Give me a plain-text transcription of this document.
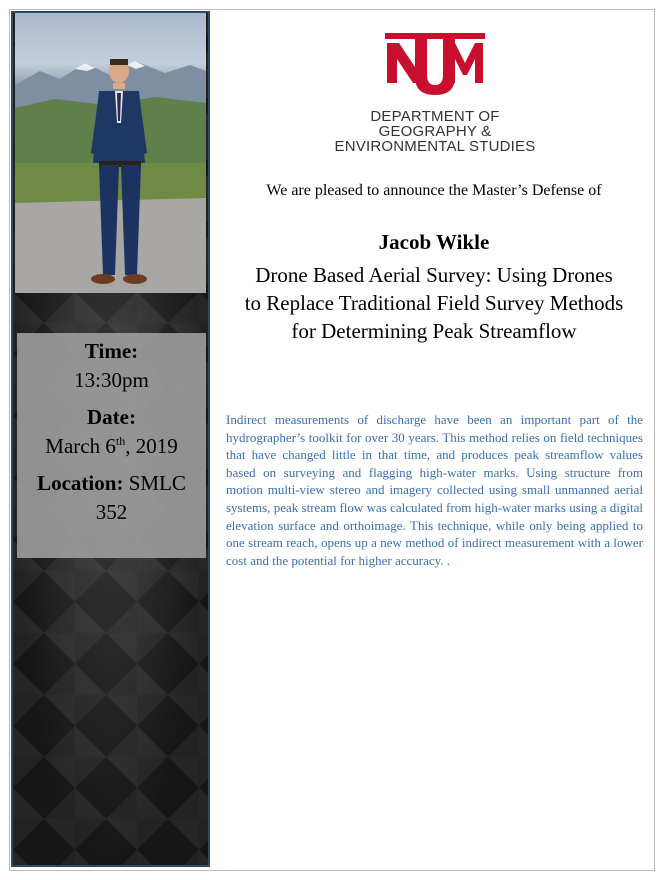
Time:
13:30pm
Date:
March 6th, 2019
Location: SMLC
352
DEPARTMENT OF
GEOGRAPHY &
ENVIRONMENTAL STUDIES
We are pleased to announce the Master’s Defense of
Jacob Wikle
Drone Based Aerial Survey: Using Drones
to Replace Traditional Field Survey Methods
for Determining Peak Streamflow
Indirect measurements of discharge have been an important part of the hydrographer’s toolkit for over 30 years. This method relies on field techniques that have changed little in that time, and produces peak streamflow values based on surveying and flagging high-water marks. Using structure from motion multi-view stereo and imagery collected using small unmanned aerial systems, peak stream flow was calculated from high-water marks using a digital elevation surface and orthoimage. This technique, while only being applied to one stream reach, opens up a new method of indirect measurement with a lower cost and the potential for higher accuracy. .
